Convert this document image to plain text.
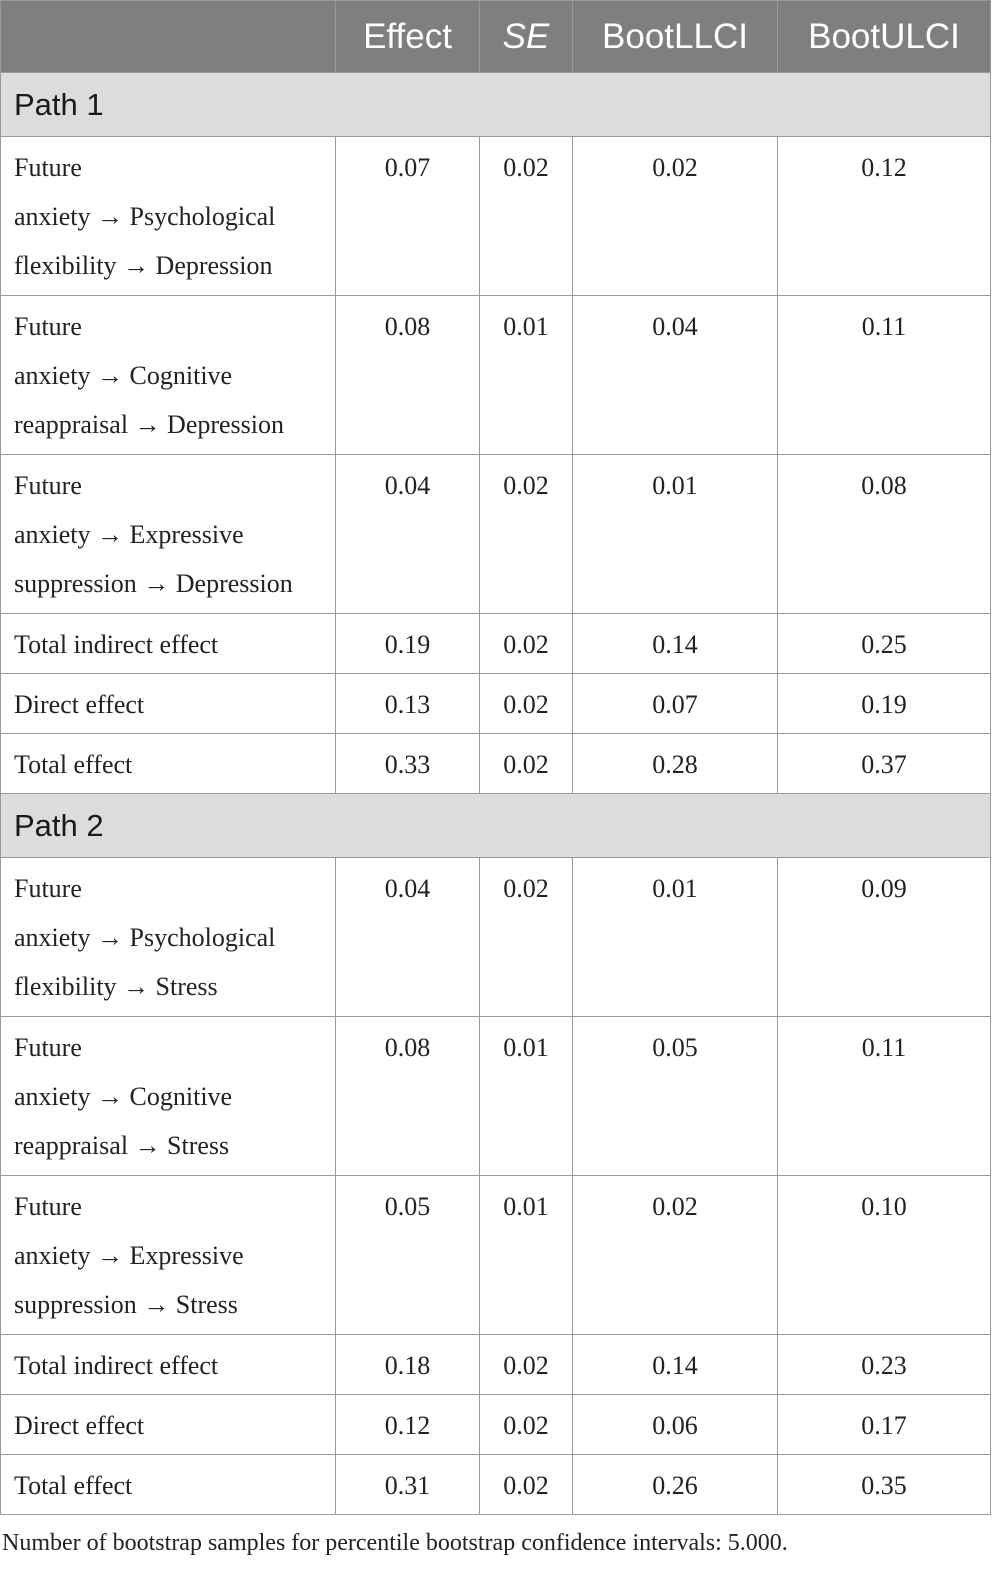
	Effect	SE	BootLLCI	BootULCI
Path 1				

Future
anxiety → Psychological
flexibility → Depression	0.07	0.02	0.02	0.12

Future
anxiety → Cognitive
reappraisal → Depression	0.08	0.01	0.04	0.11

Future
anxiety → Expressive
suppression → Depression	0.04	0.02	0.01	0.08
Total indirect effect	0.19	0.02	0.14	0.25
Direct effect	0.13	0.02	0.07	0.19
Total effect	0.33	0.02	0.28	0.37
Path 2				

Future
anxiety → Psychological
flexibility → Stress	0.04	0.02	0.01	0.09

Future
anxiety → Cognitive
reappraisal → Stress	0.08	0.01	0.05	0.11

Future
anxiety → Expressive
suppression → Stress	0.05	0.01	0.02	0.10
Total indirect effect	0.18	0.02	0.14	0.23
Direct effect	0.12	0.02	0.06	0.17
Total effect	0.31	0.02	0.26	0.35
Number of bootstrap samples for percentile bootstrap confidence intervals: 5.000.
